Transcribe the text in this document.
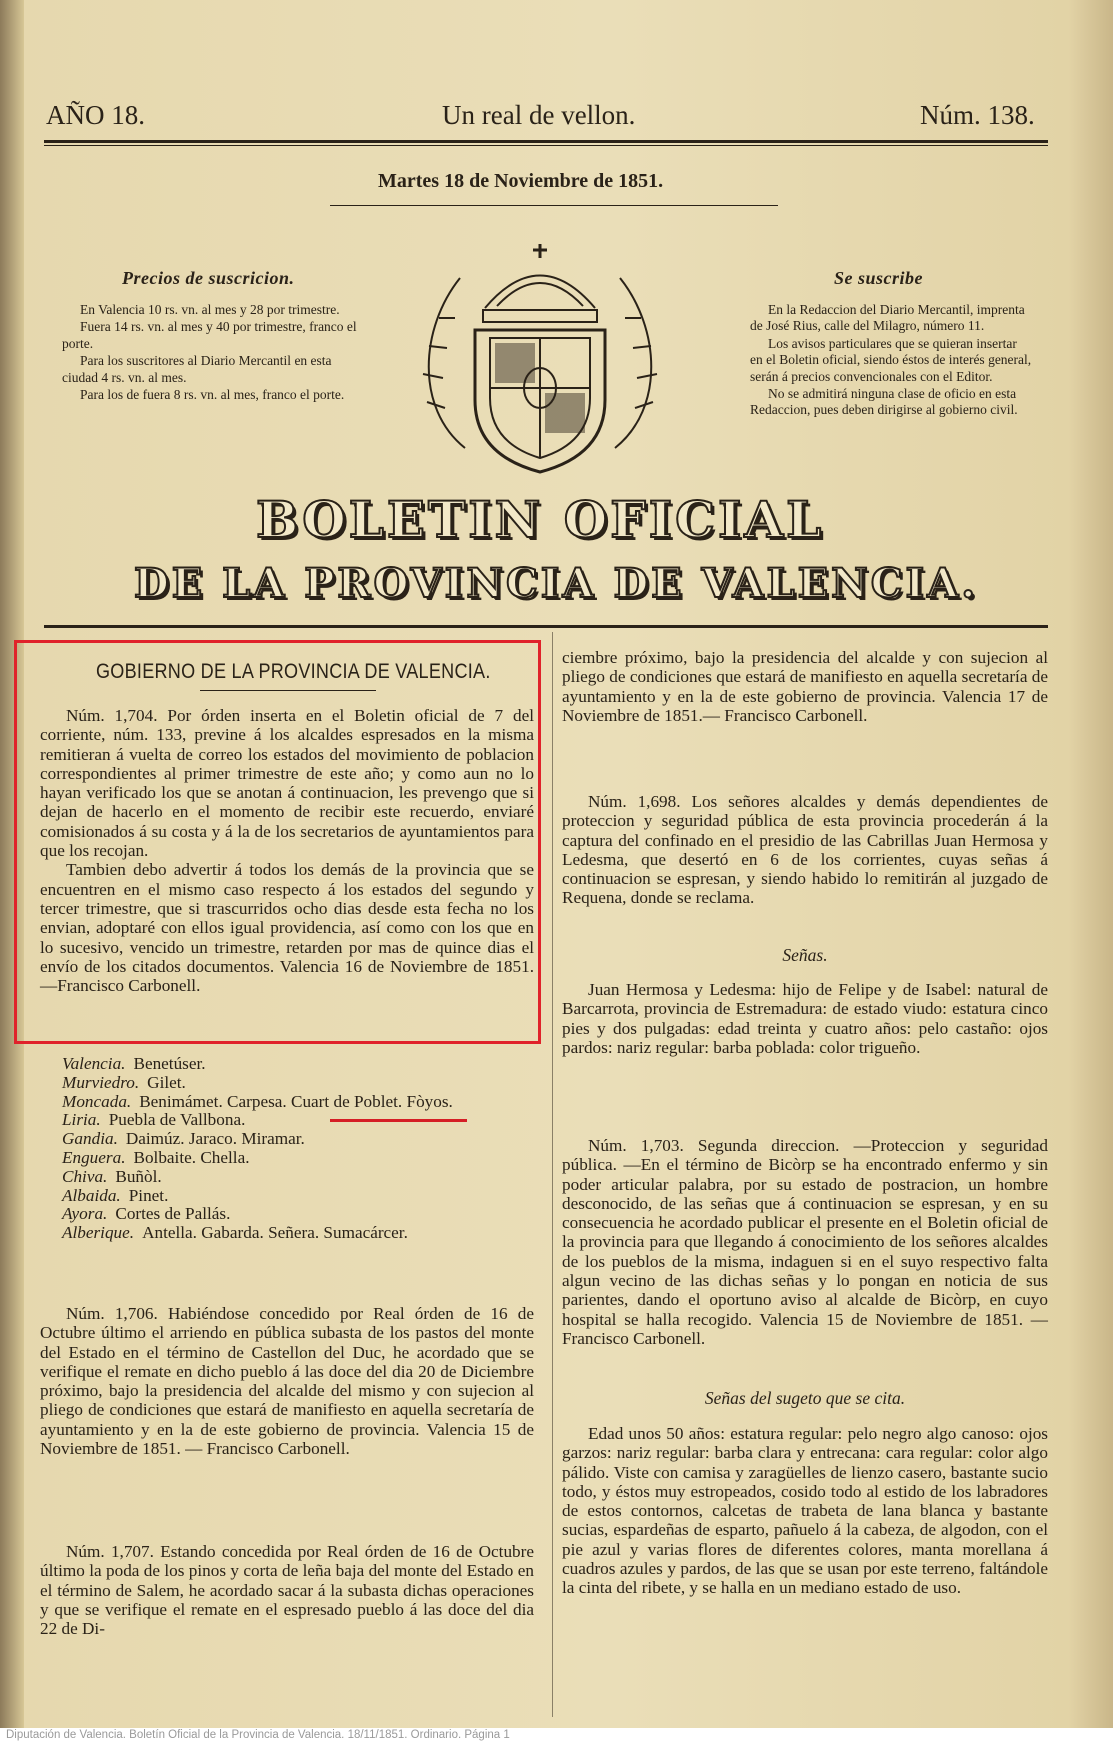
AÑO 18.	Un real de vellon.	Núm. 138.
Martes 18 de Noviembre de 1851.
Precios de suscricion.

En Valencia 10 rs. vn. al mes y 28 por trimestre.

Fuera 14 rs. vn. al mes y 40 por trimestre, franco el porte.

Para los suscritores al Diario Mercantil en esta ciudad 4 rs. vn. al mes.

Para los de fuera 8 rs. vn. al mes, franco el porte.

Se suscribe

En la Redaccion del Diario Mercantil, imprenta de José Rius, calle del Milagro, número 11.

Los avisos particulares que se quieran insertar en el Boletin oficial, siendo éstos de interés general, serán á precios convencionales con el Editor.

No se admitirá ninguna clase de oficio en esta Redaccion, pues deben dirigirse al gobierno civil.

BOLETIN OFICIAL
DE LA PROVINCIA DE VALENCIA.
GOBIERNO DE LA PROVINCIA DE VALENCIA.

Núm. 1,704. Por órden inserta en el Boletin oficial de 7 del corriente, núm. 133, previne á los alcaldes espresados en la misma remitieran á vuelta de correo los estados del movimiento de poblacion correspondientes al primer trimestre de este año; y como aun no lo hayan verificado los que se anotan á continuacion, les prevengo que si dejan de hacerlo en el momento de recibir este recuerdo, enviaré comisionados á su costa y á la de los secretarios de ayuntamientos para que los recojan.

Tambien debo advertir á todos los demás de la provincia que se encuentren en el mismo caso respecto á los estados del segundo y tercer trimestre, que si trascurridos ocho dias desde esta fecha no los envian, adoptaré con ellos igual providencia, así como con los que en lo sucesivo, vencido un trimestre, retarden por mas de quince dias el envío de los citados documentos. Valencia 16 de Noviembre de 1851. —Francisco Carbonell.

Valencia. Benetúser.
Murviedro. Gilet.
Moncada. Benimámet. Carpesa. Cuart de Poblet. Fòyos.
Liria. Puebla de Vallbona.
Gandia. Daimúz. Jaraco. Miramar.
Enguera. Bolbaite. Chella.
Chiva. Buñòl.
Albaida. Pinet.
Ayora. Cortes de Pallás.
Alberique. Antella. Gabarda. Señera. Sumacárcer.

Núm. 1,706. Habiéndose concedido por Real órden de 16 de Octubre último el arriendo en pública subasta de los pastos del monte del Estado en el término de Castellon del Duc, he acordado que se verifique el remate en dicho pueblo á las doce del dia 20 de Diciembre próximo, bajo la presidencia del alcalde del mismo y con sujecion al pliego de condiciones que estará de manifiesto en aquella secretaría de ayuntamiento y en la de este gobierno de provincia. Valencia 15 de Noviembre de 1851. — Francisco Carbonell.

Núm. 1,707. Estando concedida por Real órden de 16 de Octubre último la poda de los pinos y corta de leña baja del monte del Estado en el término de Salem, he acordado sacar á la subasta dichas operaciones y que se verifique el remate en el espresado pueblo á las doce del dia 22 de Di-

ciembre próximo, bajo la presidencia del alcalde y con sujecion al pliego de condiciones que estará de manifiesto en aquella secretaría de ayuntamiento y en la de este gobierno de provincia. Valencia 17 de Noviembre de 1851.— Francisco Carbonell.

Núm. 1,698. Los señores alcaldes y demás dependientes de proteccion y seguridad pública de esta provincia procederán á la captura del confinado en el presidio de las Cabrillas Juan Hermosa y Ledesma, que desertó en 6 de los corrientes, cuyas señas á continuacion se espresan, y siendo habido lo remitirán al juzgado de Requena, donde se reclama.

Señas.

Juan Hermosa y Ledesma: hijo de Felipe y de Isabel: natural de Barcarrota, provincia de Estremadura: de estado viudo: estatura cinco pies y dos pulgadas: edad treinta y cuatro años: pelo castaño: ojos pardos: nariz regular: barba poblada: color trigueño.

Núm. 1,703. Segunda direccion. —Proteccion y seguridad pública. —En el término de Bicòrp se ha encontrado enfermo y sin poder articular palabra, por su estado de postracion, un hombre desconocido, de las señas que á continuacion se espresan, y en su consecuencia he acordado publicar el presente en el Boletin oficial de la provincia para que llegando á conocimiento de los señores alcaldes de los pueblos de la misma, indaguen si en el suyo respectivo falta algun vecino de las dichas señas y lo pongan en noticia de sus parientes, dando el oportuno aviso al alcalde de Bicòrp, en cuyo hospital se halla recogido. Valencia 15 de Noviembre de 1851. — Francisco Carbonell.

Señas del sugeto que se cita.

Edad unos 50 años: estatura regular: pelo negro algo canoso: ojos garzos: nariz regular: barba clara y entrecana: cara regular: color algo pálido. Viste con camisa y zaragüelles de lienzo casero, bastante sucio todo, y éstos muy estropeados, cosido todo al estido de los labradores de estos contornos, calcetas de trabeta de lana blanca y bastante sucias, espardeñas de esparto, pañuelo á la cabeza, de algodon, con el pie azul y varias flores de diferentes colores, manta morellana á cuadros azules y pardos, de las que se usan por este terreno, faltándole la cinta del ribete, y se halla en un mediano estado de uso.

Diputación de Valencia. Boletín Oficial de la Provincia de Valencia. 18/11/1851. Ordinario. Página 1
